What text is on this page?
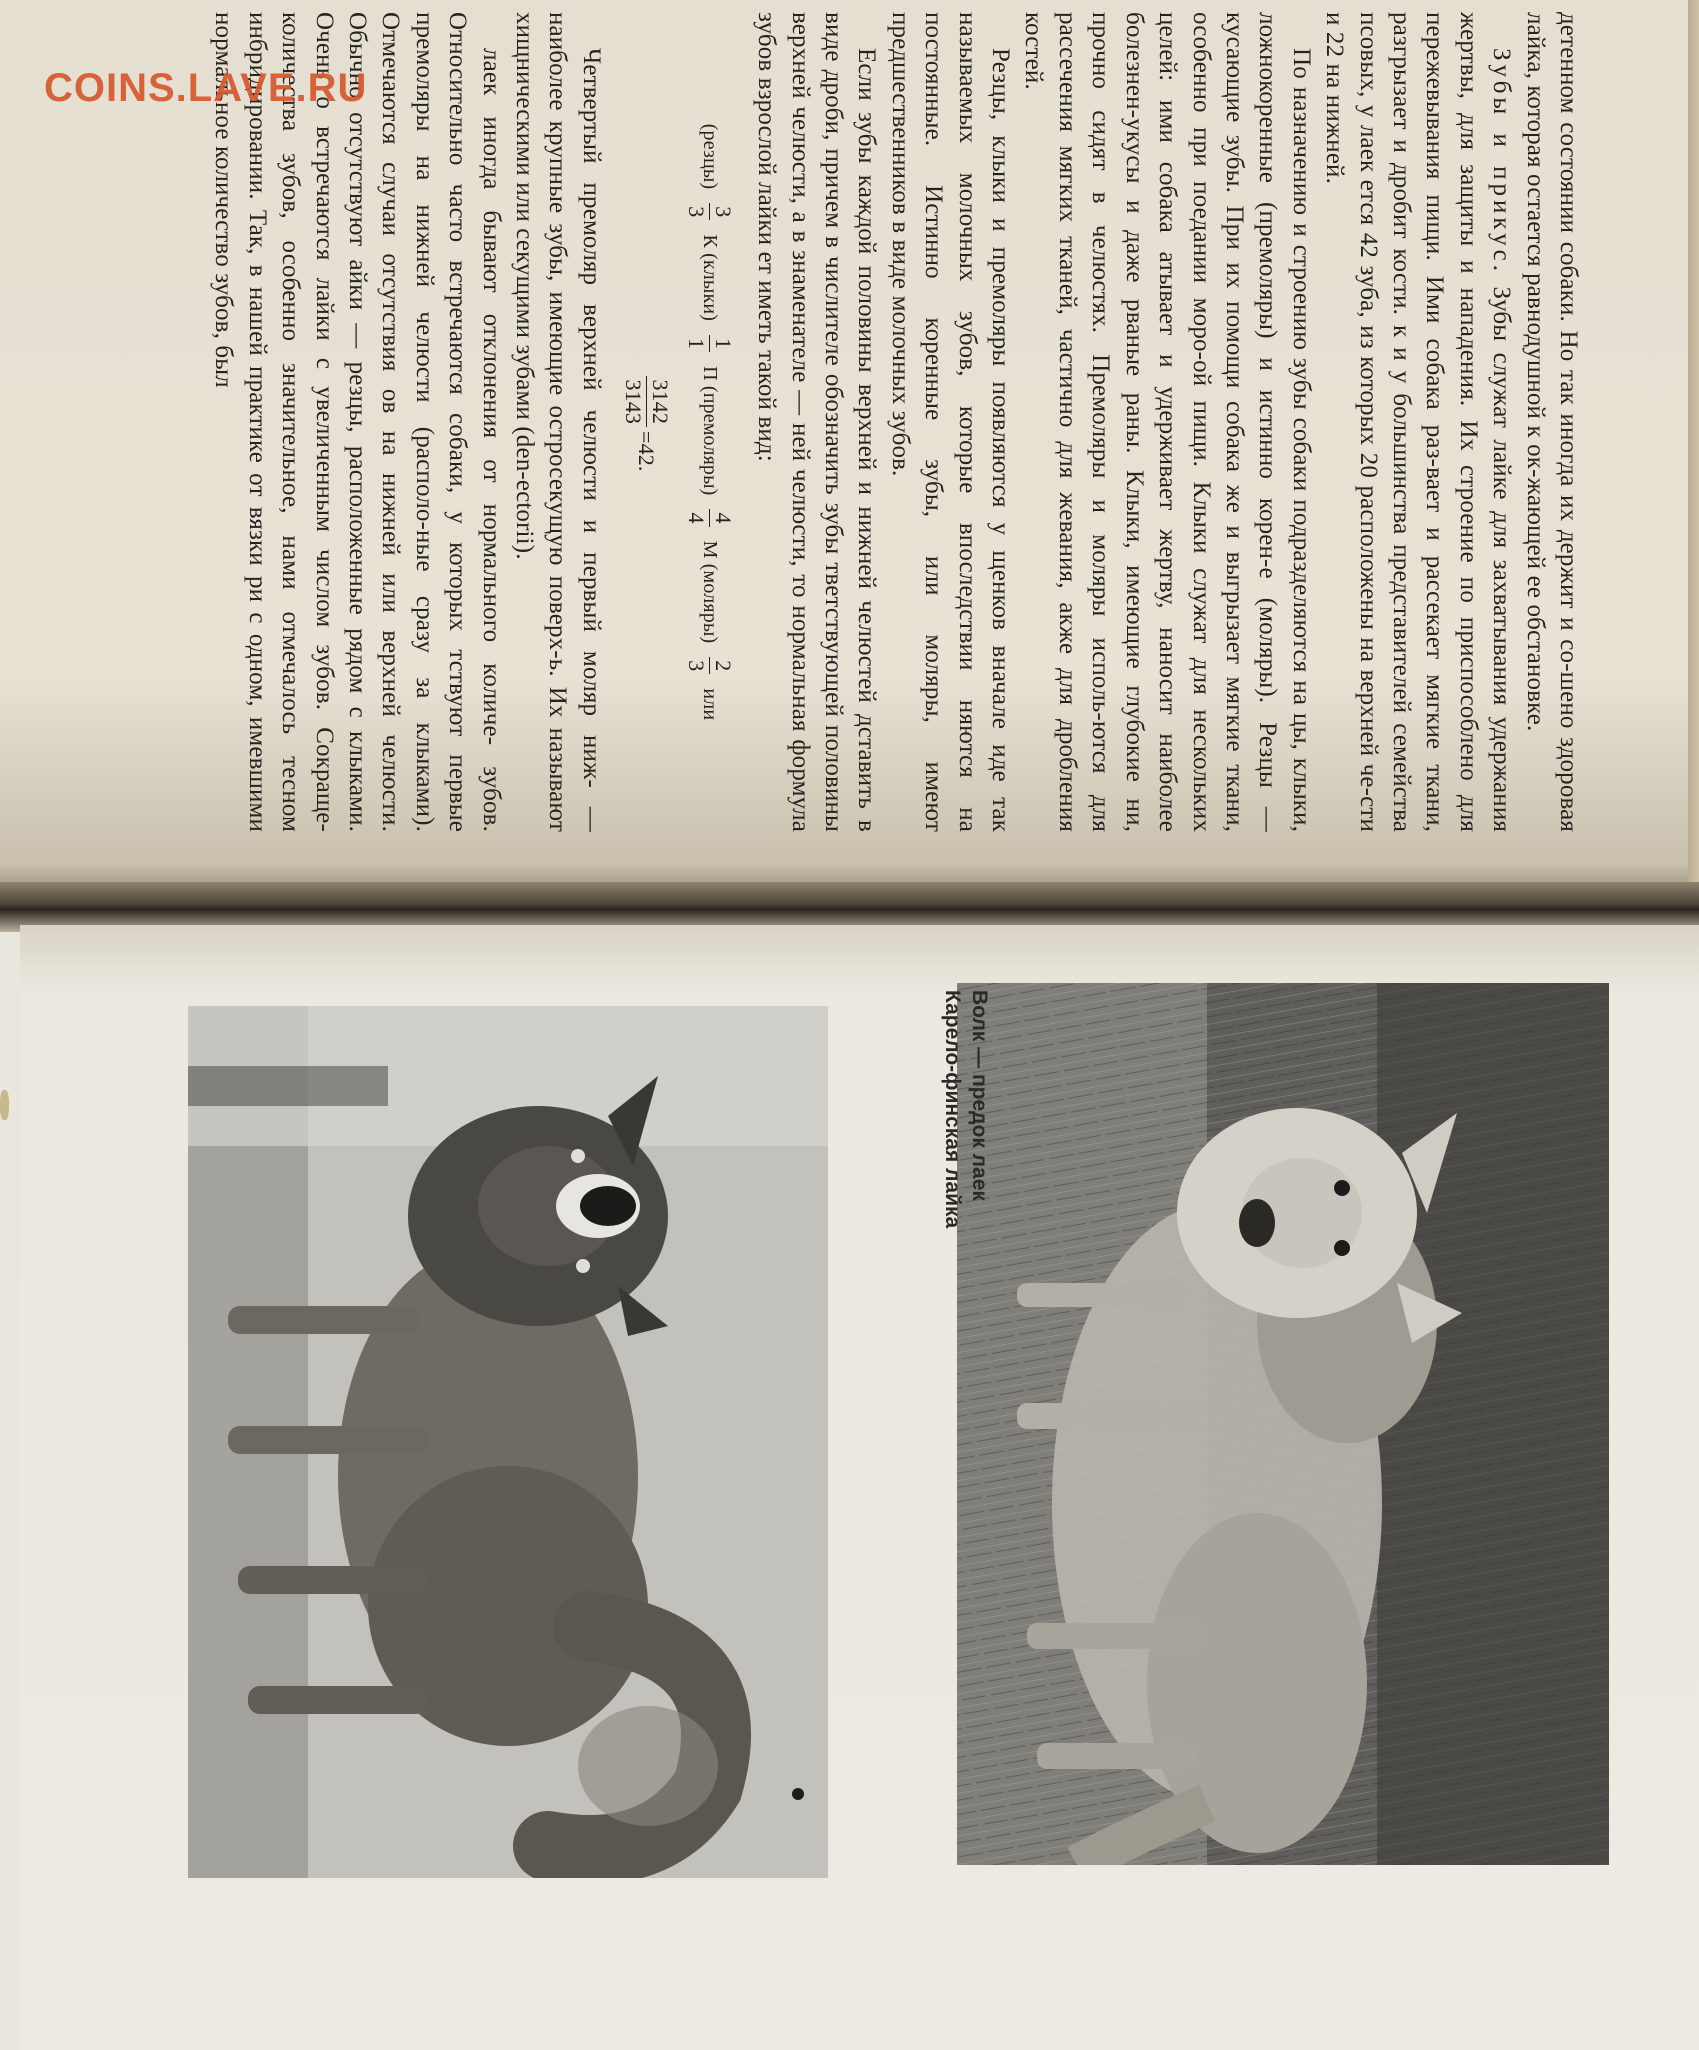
детенном состоянии собаки. Но так иногда их держит и со-шено здоровая лайка, которая остается равнодушной к ок-жающей ее обстановке.

Зубы и прикус. Зубы служат лайке для захватывания удержания жертвы, для защиты и нападения. Их строение по приспособлено для пережевывания пищи. Ими собака раз-вает и рассекает мягкие ткани, разгрызает и дробит кости. к и у большинства представителей семейства псовых, у лаек ется 42 зуба, из которых 20 расположены на верхней че-сти и 22 на нижней.

По назначению и строению зубы собаки подразделяются на цы, клыки, ложнокоренные (премоляры) и истинно корен-е (моляры). Резцы — кусающие зубы. При их помощи собака же и выгрызает мягкие ткани, особенно при поедании моро-ой пищи. Клыки служат для нескольких целей: ими собака атывает и удерживает жертву, наносит наиболее болезнен-укусы и даже рваные раны. Клыки, имеющие глубокие ни, прочно сидят в челюстях. Премоляры и моляры исполь-ются для рассечения мягких тканей, частично для жевания, акже для дробления костей.

Резцы, клыки и премоляры появляются у щенков вначале иде так называемых молочных зубов, которые впоследствии няются на постоянные. Истинно коренные зубы, или моляры, имеют предшественников в виде молочных зубов.

Если зубы каждой половины верхней и нижней челюстей дставить в виде дроби, причем в числителе обозначить зубы тветствующей половины верхней челюсти, а в знаменателе — ней челюсти, то нормальная формула зубов взрослой лайки ет иметь такой вид:

(резцы)
3
3
К (клыки)
1
1
П (премоляры)
4
4
М (моляры)
2
3
или
3142
3143
=42.

Четвертый премоляр верхней челюсти и первый моляр ниж- — наиболее крупные зубы, имеющие остросекущую поверх-ь. Их называют хищническими или секущими зубами (den-ectorii).

лаек иногда бывают отклонения от нормального количе- зубов. Относительно часто встречаются собаки, у которых тствуют первые премоляры на нижней челюсти (располо-ные сразу за клыками). Отмечаются случаи отсутствия ов на нижней или верхней челюсти. Обычно отсутствуют айки — резцы, расположенные рядом с клыками. Очень о встречаются лайки с увеличенным числом зубов. Сокраще-количества зубов, особенно значительное, нами отмечалось тесном инбридировании. Так, в нашей практике от вязки ри с одном, имевшими нормальное количество зубов, был

COINS.LAVE.RU

Волк — предок лаек

Карело-финская лайка
